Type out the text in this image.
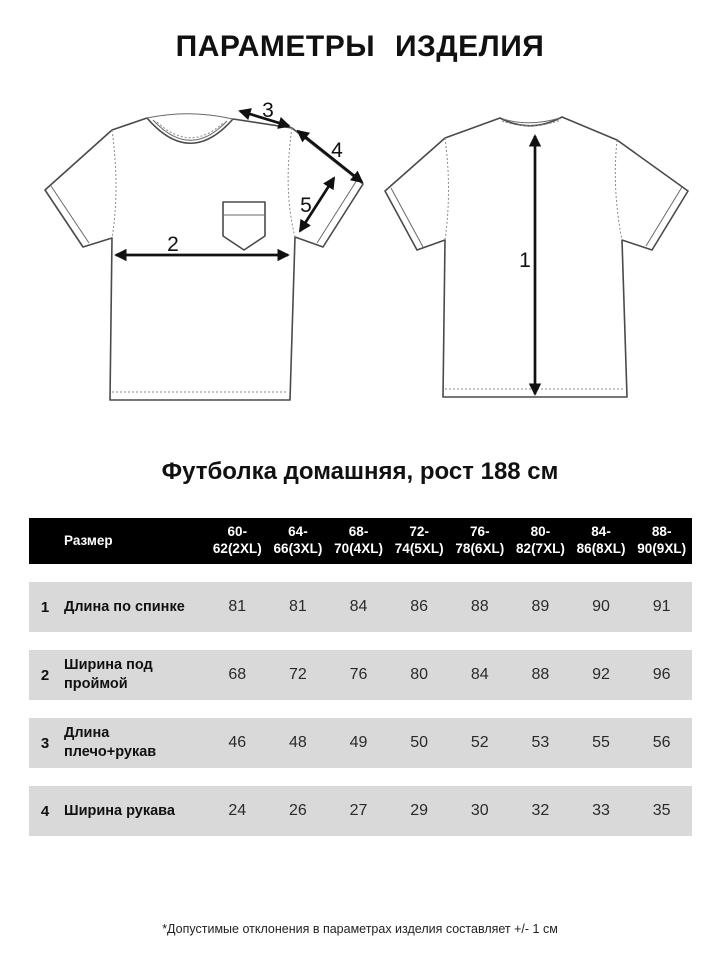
ПАРАМЕТРЫ ИЗДЕЛИЯ
1
2
3
4
5
Футболка домашняя, рост 188 см
	Размер	60-62(2XL)	64-66(3XL)	68-70(4XL)	72-74(5XL)	76-78(6XL)	80-82(7XL)	84-86(8XL)	88-90(9XL)
1	Длина по спинке	81	81	84	86	88	89	90	91
2	Ширина под проймой	68	72	76	80	84	88	92	96
3	Длина плечо+рукав	46	48	49	50	52	53	55	56
4	Ширина рукава	24	26	27	29	30	32	33	35
*Допустимые отклонения в параметрах изделия составляет +/- 1 см
